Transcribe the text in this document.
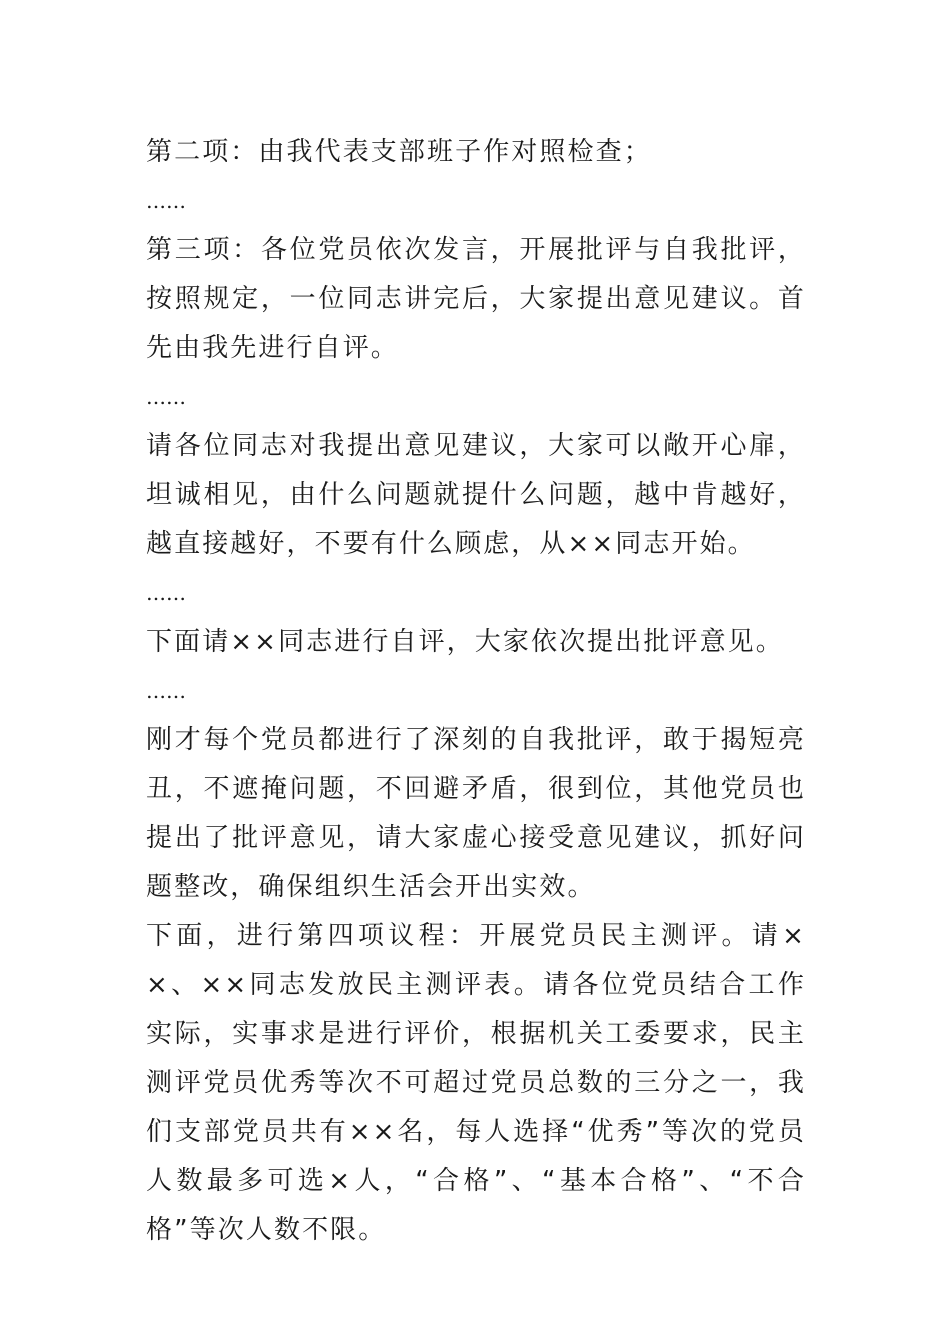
第二项：由我代表支部班子作对照检查；

……

第三项：各位党员依次发言，开展批评与自我批评，按照规定，一位同志讲完后，大家提出意见建议。首先由我先进行自评。

……

请各位同志对我提出意见建议，大家可以敞开心扉，坦诚相见，由什么问题就提什么问题，越中肯越好，越直接越好，不要有什么顾虑，从××同志开始。

……

下面请××同志进行自评，大家依次提出批评意见。

……

刚才每个党员都进行了深刻的自我批评，敢于揭短亮丑，不遮掩问题，不回避矛盾，很到位，其他党员也提出了批评意见，请大家虚心接受意见建议，抓好问题整改，确保组织生活会开出实效。

下面，进行第四项议程：开展党员民主测评。请××、××同志发放民主测评表。请各位党员结合工作实际，实事求是进行评价，根据机关工委要求，民主测评党员优秀等次不可超过党员总数的三分之一，我们支部党员共有××名，每人选择“优秀”等次的党员人数最多可选×人，“合格”、“基本合格”、“不合格”等次人数不限。
